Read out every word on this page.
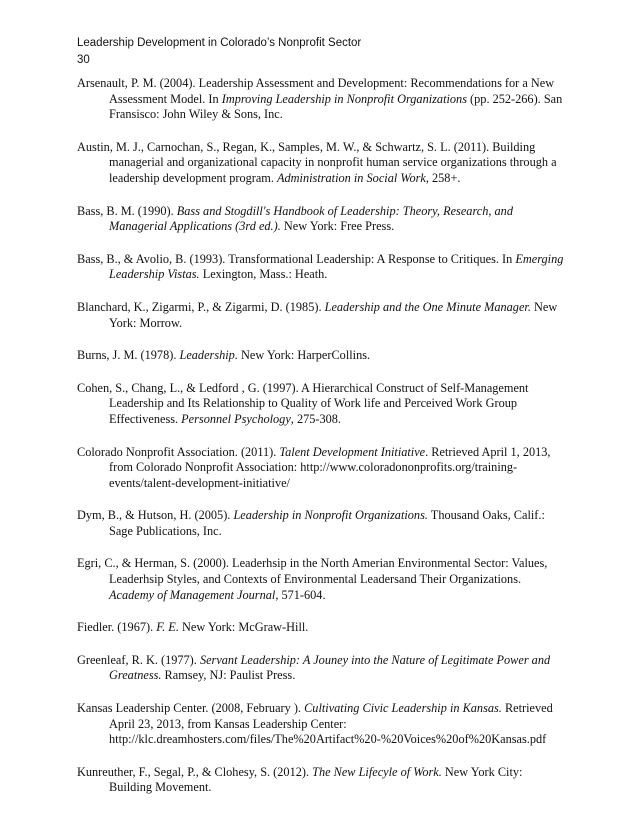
Leadership Development in Colorado’s Nonprofit Sector
30

Arsenault, P. M. (2004). Leadership Assessment and Development: Recommendations for a New Assessment Model. In Improving Leadership in Nonprofit Organizations (pp. 252-266). San Fransisco: John Wiley & Sons, Inc.

Austin, M. J., Carnochan, S., Regan, K., Samples, M. W., & Schwartz, S. L. (2011). Building managerial and organizational capacity in nonprofit human service organizations through a leadership development program. Administration in Social Work, 258+.

Bass, B. M. (1990). Bass and Stogdill's Handbook of Leadership: Theory, Research, and Managerial Applications (3rd ed.). New York: Free Press.

Bass, B., & Avolio, B. (1993). Transformational Leadership: A Response to Critiques. In Emerging Leadership Vistas. Lexington, Mass.: Heath.

Blanchard, K., Zigarmi, P., & Zigarmi, D. (1985). Leadership and the One Minute Manager. New York: Morrow.

Burns, J. M. (1978). Leadership. New York: HarperCollins.

Cohen, S., Chang, L., & Ledford , G. (1997). A Hierarchical Construct of Self-Management Leadership and Its Relationship to Quality of Work life and Perceived Work Group Effectiveness. Personnel Psychology, 275-308.

Colorado Nonprofit Association. (2011). Talent Development Initiative. Retrieved April 1, 2013, from Colorado Nonprofit Association: http://www.coloradononprofits.org/training-events/talent-development-initiative/

Dym, B., & Hutson, H. (2005). Leadership in Nonprofit Organizations. Thousand Oaks, Calif.: Sage Publications, Inc.

Egri, C., & Herman, S. (2000). Leaderhsip in the North Amerian Environmental Sector: Values, Leaderhsip Styles, and Contexts of Environmental Leadersand Their Organizations. Academy of Management Journal, 571-604.

Fiedler. (1967). F. E. New York: McGraw-Hill.

Greenleaf, R. K. (1977). Servant Leadership: A Jouney into the Nature of Legitimate Power and Greatness. Ramsey, NJ: Paulist Press.

Kansas Leadership Center. (2008, February ). Cultivating Civic Leadership in Kansas. Retrieved April 23, 2013, from Kansas Leadership Center: http://klc.dreamhosters.com/files/The%20Artifact%20-%20Voices%20of%20Kansas.pdf

Kunreuther, F., Segal, P., & Clohesy, S. (2012). The New Lifecyle of Work. New York City: Building Movement.
